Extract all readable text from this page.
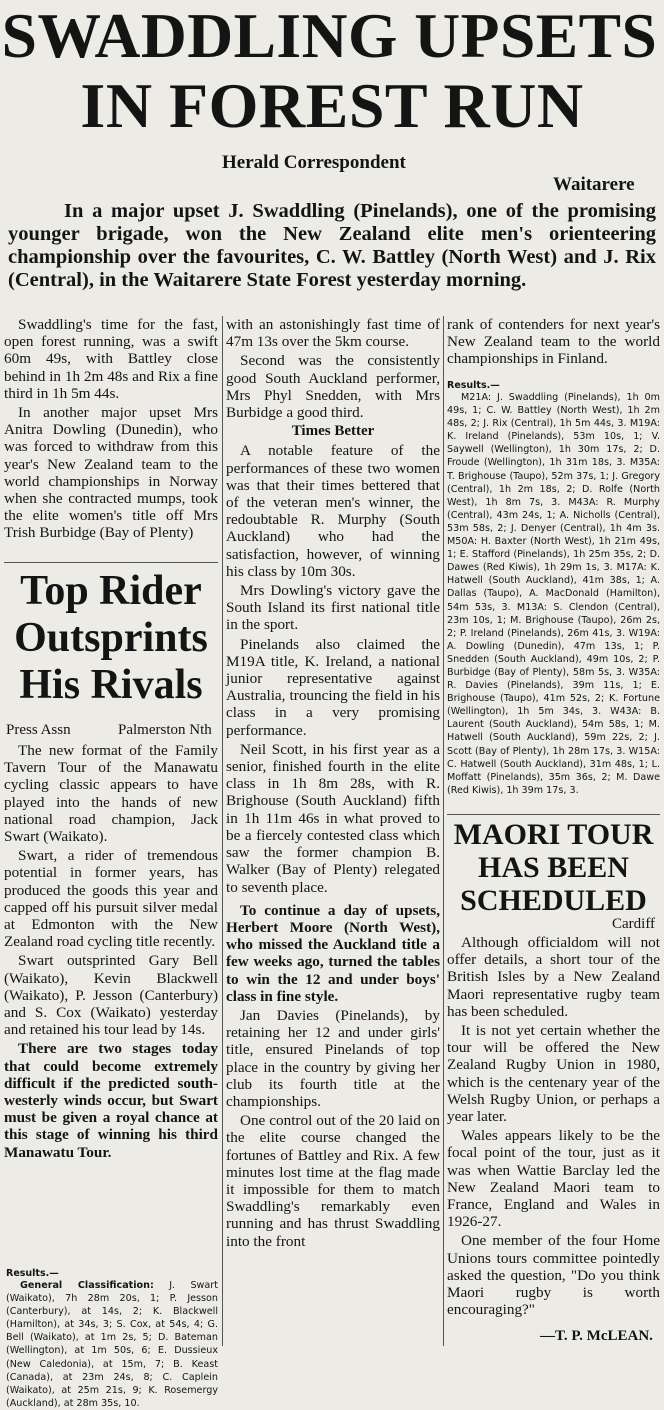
SWADDLING UPSETS
IN FOREST RUN
Herald Correspondent
Waitarere

In a major upset J. Swaddling (Pinelands), one of the promising younger brigade, won the New Zealand elite men's orienteering championship over the favourites, C. W. Battley (North West) and J. Rix (Central), in the Waitarere State Forest yesterday morning.

Swaddling's time for the fast, open forest running, was a swift 60m 49s, with Battley close behind in 1h 2m 48s and Rix a fine third in 1h 5m 44s.

In another major upset Mrs Anitra Dowling (Dunedin), who was forced to withdraw from this year's New Zealand team to the world championships in Norway when she contracted mumps, took the elite women's title off Mrs Trish Burbidge (Bay of Plenty)

Top Rider
Outsprints
His Rivals
Press Assn	Palmerston Nth

The new format of the Family Tavern Tour of the Manawatu cycling classic appears to have played into the hands of new national road champion, Jack Swart (Waikato).

Swart, a rider of tremendous potential in former years, has produced the goods this year and capped off his pursuit silver medal at Edmonton with the New Zealand road cycling title recently.

Swart outsprinted Gary Bell (Waikato), Kevin Blackwell (Waikato), P. Jesson (Canterbury) and S. Cox (Waikato) yesterday and retained his tour lead by 14s.

There are two stages today that could become extremely difficult if the predicted south-westerly winds occur, but Swart must be given a royal chance at this stage of winning his third Manawatu Tour.

Results.—
General Classification: J. Swart (Waikato), 7h 28m 20s, 1; P. Jesson (Canterbury), at 14s, 2; K. Blackwell (Hamilton), at 34s, 3; S. Cox, at 54s, 4; G. Bell (Waikato), at 1m 2s, 5; D. Bateman (Wellington), at 1m 50s, 6; E. Dussieux (New Caledonia), at 15m, 7; B. Keast (Canada), at 23m 24s, 8; C. Caplein (Waikato), at 25m 21s, 9; K. Rosemergy (Auckland), at 28m 35s, 10.

with an astonishingly fast time of 47m 13s over the 5km course.

Second was the consistently good South Auckland performer, Mrs Phyl Snedden, with Mrs Burbidge a good third.

Times Better

A notable feature of the performances of these two women was that their times bettered that of the veteran men's winner, the redoubtable R. Murphy (South Auckland) who had the satisfaction, however, of winning his class by 10m 30s.

Mrs Dowling's victory gave the South Island its first national title in the sport.

Pinelands also claimed the M19A title, K. Ireland, a national junior representative against Australia, trouncing the field in his class in a very promising performance.

Neil Scott, in his first year as a senior, finished fourth in the elite class in 1h 8m 28s, with R. Brighouse (South Auckland) fifth in 1h 11m 46s in what proved to be a fiercely contested class which saw the former champion B. Walker (Bay of Plenty) relegated to seventh place.

To continue a day of upsets, Herbert Moore (North West), who missed the Auckland title a few weeks ago, turned the tables to win the 12 and under boys' class in fine style.

Jan Davies (Pinelands), by retaining her 12 and under girls' title, ensured Pinelands of top place in the country by giving her club its fourth title at the championships.

One control out of the 20 laid on the elite course changed the fortunes of Battley and Rix. A few minutes lost time at the flag made it impossible for them to match Swaddling's remarkably even running and has thrust Swaddling into the front

rank of contenders for next year's New Zealand team to the world championships in Finland.

Results.—
M21A: J. Swaddling (Pinelands), 1h 0m 49s, 1; C. W. Battley (North West), 1h 2m 48s, 2; J. Rix (Central), 1h 5m 44s, 3. M19A: K. Ireland (Pinelands), 53m 10s, 1; V. Saywell (Wellington), 1h 30m 17s, 2; D. Froude (Wellington), 1h 31m 18s, 3. M35A: T. Brighouse (Taupo), 52m 37s, 1; J. Gregory (Central), 1h 2m 18s, 2; D. Rolfe (North West), 1h 8m 7s, 3. M43A: R. Murphy (Central), 43m 24s, 1; A. Nicholls (Central), 53m 58s, 2; J. Denyer (Central), 1h 4m 3s. M50A: H. Baxter (North West), 1h 21m 49s, 1; E. Stafford (Pinelands), 1h 25m 35s, 2; D. Dawes (Red Kiwis), 1h 29m 1s, 3. M17A: K. Hatwell (South Auckland), 41m 38s, 1; A. Dallas (Taupo), A. MacDonald (Hamilton), 54m 53s, 3. M13A: S. Clendon (Central), 23m 10s, 1; M. Brighouse (Taupo), 26m 2s, 2; P. Ireland (Pinelands), 26m 41s, 3. W19A: A. Dowling (Dunedin), 47m 13s, 1; P. Snedden (South Auckland), 49m 10s, 2; P. Burbidge (Bay of Plenty), 58m 5s, 3. W35A: R. Davies (Pinelands), 39m 11s, 1; E. Brighouse (Taupo), 41m 52s, 2; K. Fortune (Wellington), 1h 5m 34s, 3. W43A: B. Laurent (South Auckland), 54m 58s, 1; M. Hatwell (South Auckland), 59m 22s, 2; J. Scott (Bay of Plenty), 1h 28m 17s, 3. W15A: C. Hatwell (South Auckland), 31m 48s, 1; L. Moffatt (Pinelands), 35m 36s, 2; M. Dawe (Red Kiwis), 1h 39m 17s, 3.
MAORI TOUR
HAS BEEN
SCHEDULED
Cardiff

Although officialdom will not offer details, a short tour of the British Isles by a New Zealand Maori representative rugby team has been scheduled.

It is not yet certain whether the tour will be offered the New Zealand Rugby Union in 1980, which is the centenary year of the Welsh Rugby Union, or perhaps a year later.

Wales appears likely to be the focal point of the tour, just as it was when Wattie Barclay led the New Zealand Maori team to France, England and Wales in 1926-27.

One member of the four Home Unions tours committee pointedly asked the question, "Do you think Maori rugby is worth encouraging?"

—T. P. McLEAN.
